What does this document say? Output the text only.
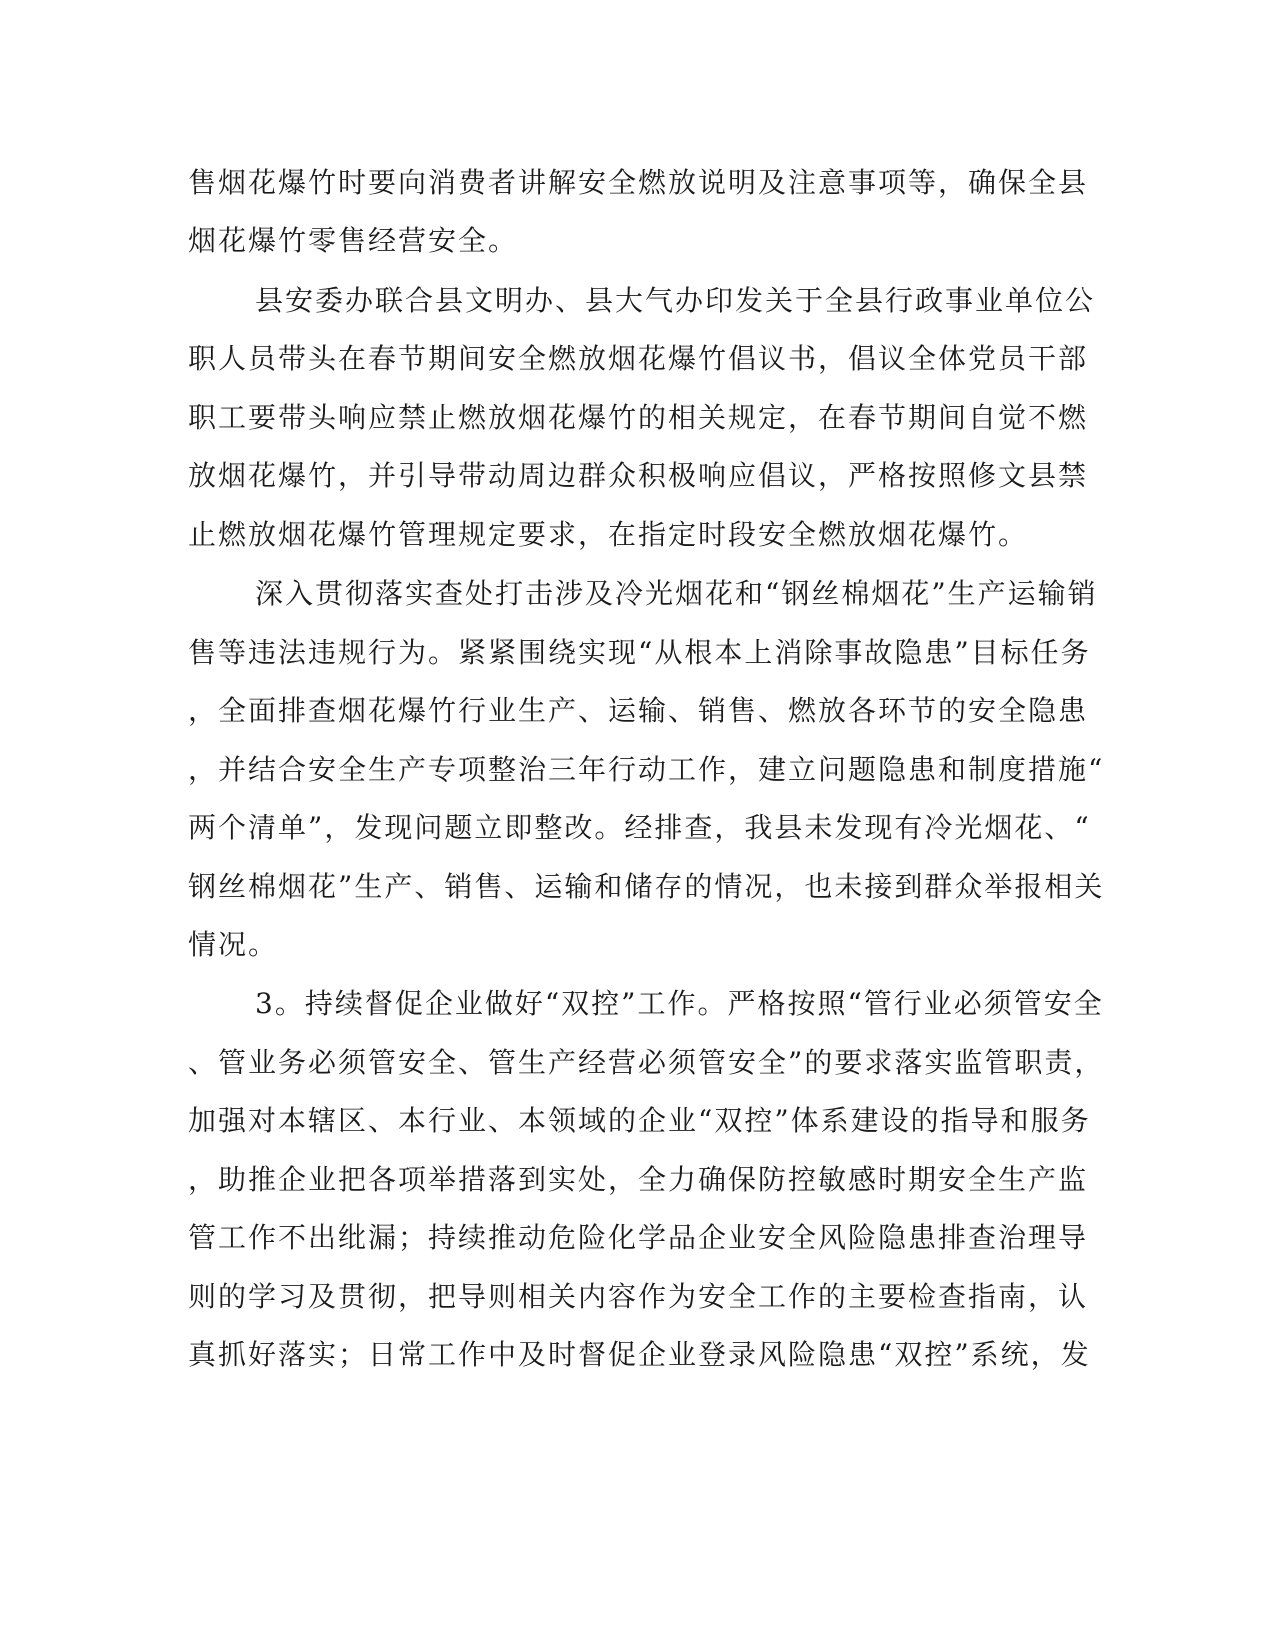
售烟花爆竹时要向消费者讲解安全燃放说明及注意事项等，确保全县

烟花爆竹零售经营安全。

县安委办联合县文明办、县大气办印发关于全县行政事业单位公

职人员带头在春节期间安全燃放烟花爆竹倡议书，倡议全体党员干部

职工要带头响应禁止燃放烟花爆竹的相关规定，在春节期间自觉不燃

放烟花爆竹，并引导带动周边群众积极响应倡议，严格按照修文县禁

止燃放烟花爆竹管理规定要求，在指定时段安全燃放烟花爆竹。

深入贯彻落实查处打击涉及冷光烟花和“钢丝棉烟花”生产运输销

售等违法违规行为。紧紧围绕实现“从根本上消除事故隐患”目标任务

，全面排查烟花爆竹行业生产、运输、销售、燃放各环节的安全隐患

，并结合安全生产专项整治三年行动工作，建立问题隐患和制度措施“

两个清单”，发现问题立即整改。经排查，我县未发现有冷光烟花、“

钢丝棉烟花”生产、销售、运输和储存的情况，也未接到群众举报相关

情况。

3。持续督促企业做好“双控”工作。严格按照“管行业必须管安全

、管业务必须管安全、管生产经营必须管安全”的要求落实监管职责，

加强对本辖区、本行业、本领域的企业“双控”体系建设的指导和服务

，助推企业把各项举措落到实处，全力确保防控敏感时期安全生产监

管工作不出纰漏；持续推动危险化学品企业安全风险隐患排查治理导

则的学习及贯彻，把导则相关内容作为安全工作的主要检查指南，认

真抓好落实；日常工作中及时督促企业登录风险隐患“双控”系统，发
